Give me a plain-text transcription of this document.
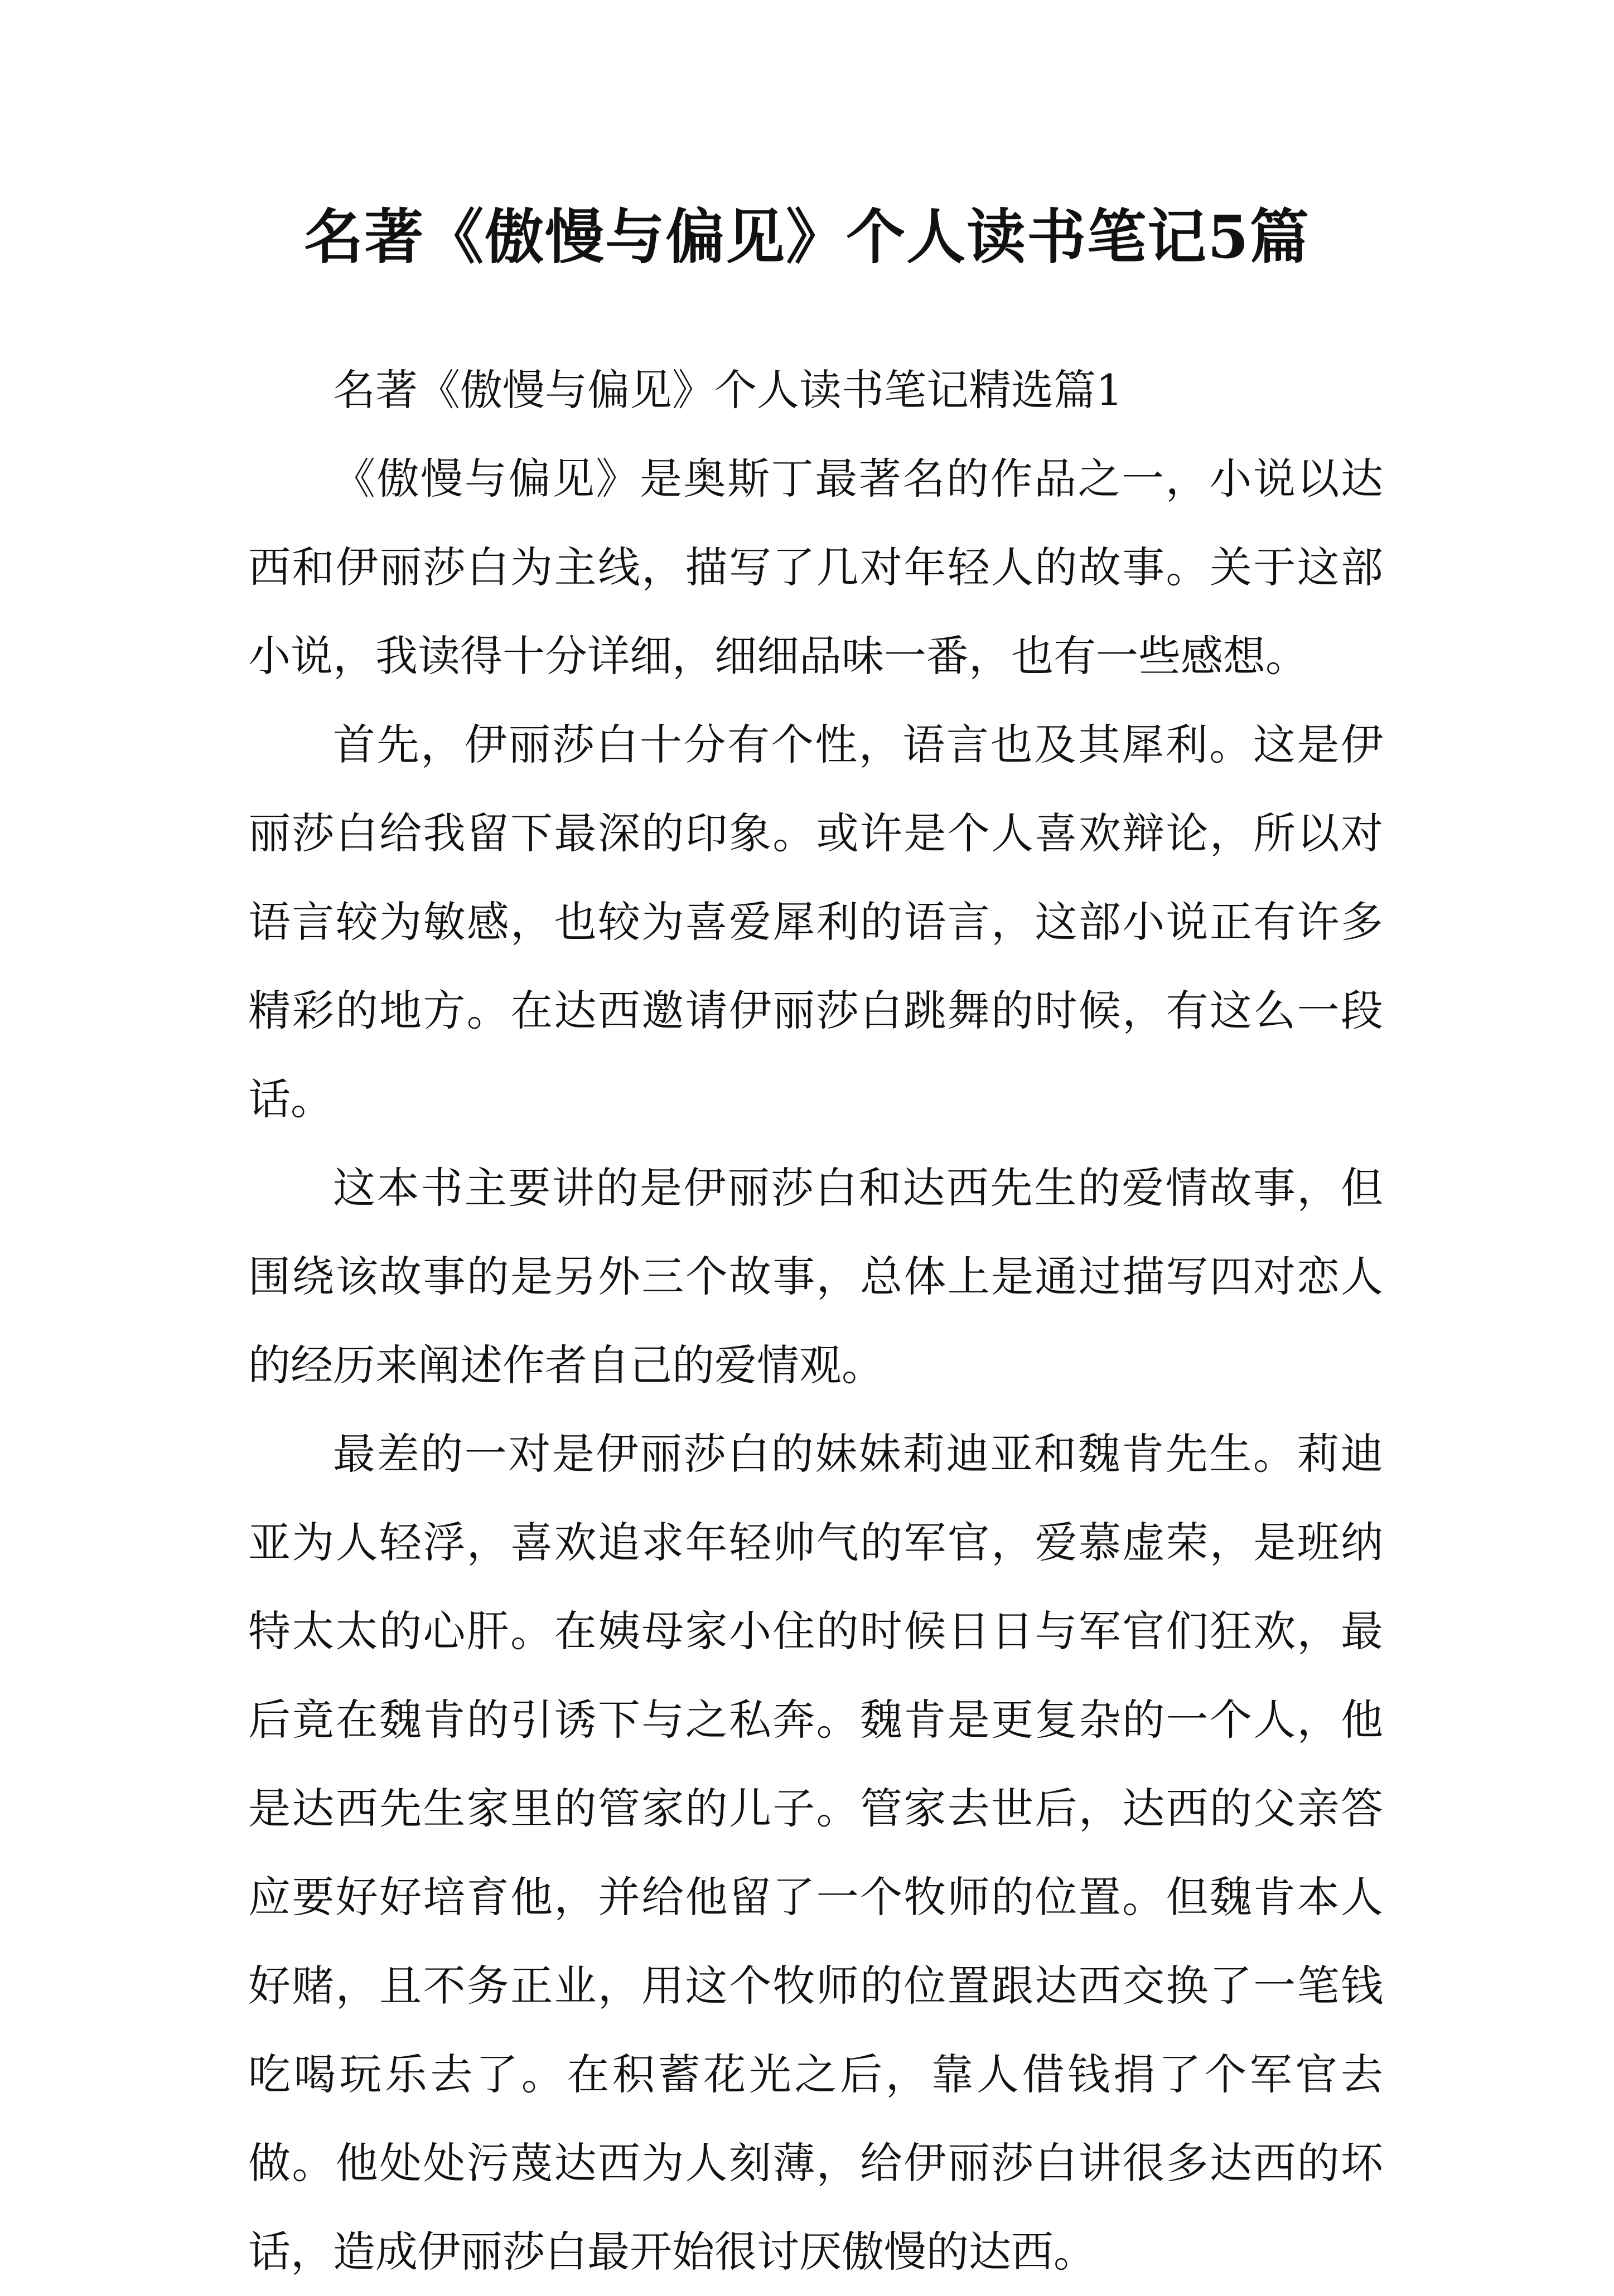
名著《傲慢与偏见》个人读书笔记5篇

名著《傲慢与偏见》个人读书笔记精选篇1

《傲慢与偏见》是奥斯丁最著名的作品之一，小说以达西和伊丽莎白为主线，描写了几对年轻人的故事。关于这部小说，我读得十分详细，细细品味一番，也有一些感想。

首先，伊丽莎白十分有个性，语言也及其犀利。这是伊丽莎白给我留下最深的印象。或许是个人喜欢辩论，所以对语言较为敏感，也较为喜爱犀利的语言，这部小说正有许多精彩的地方。在达西邀请伊丽莎白跳舞的时候，有这么一段话。

这本书主要讲的是伊丽莎白和达西先生的爱情故事，但围绕该故事的是另外三个故事，总体上是通过描写四对恋人的经历来阐述作者自己的爱情观。

最差的一对是伊丽莎白的妹妹莉迪亚和魏肯先生。莉迪亚为人轻浮，喜欢追求年轻帅气的军官，爱慕虚荣，是班纳特太太的心肝。在姨母家小住的时候日日与军官们狂欢，最后竟在魏肯的引诱下与之私奔。魏肯是更复杂的一个人，他是达西先生家里的管家的儿子。管家去世后，达西的父亲答应要好好培育他，并给他留了一个牧师的位置。但魏肯本人好赌，且不务正业，用这个牧师的位置跟达西交换了一笔钱吃喝玩乐去了。在积蓄花光之后，靠人借钱捐了个军官去做。他处处污蔑达西为人刻薄，给伊丽莎白讲很多达西的坏话，造成伊丽莎白最开始很讨厌傲慢的达西。
